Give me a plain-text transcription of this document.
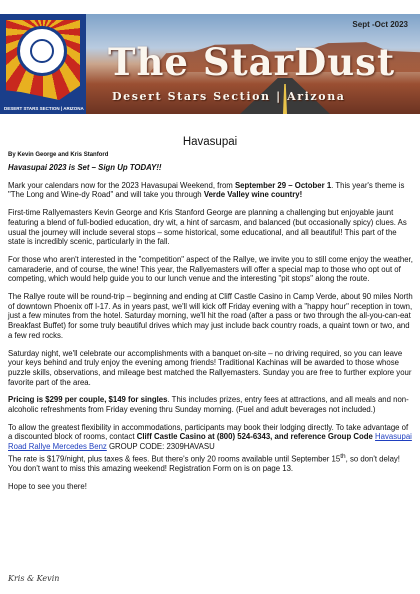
DESERT STARS SECTION | ARIZONA
Sept -Oct 2023
The StarDust
Desert Stars Section | Arizona
Havasupai
By Kevin George and Kris Stanford

Havasupai 2023 is Set – Sign Up TODAY!!

Mark your calendars now for the 2023 Havasupai Weekend, from September 29 – October 1. This year's theme is "The Long and Wine-dy Road" and will take you through Verde Valley wine country!

First-time Rallyemasters Kevin George and Kris Stanford George are planning a challenging but enjoyable jaunt featuring a blend of full-bodied education, dry wit, a hint of sarcasm, and balanced (but occasionally spicy) clues. As usual the journey will include several stops – some historical, some educational, and all beautiful! This part of the state is incredibly scenic, particularly in the fall.

For those who aren't interested in the "competition" aspect of the Rallye, we invite you to still come enjoy the weather, camaraderie, and of course, the wine! This year, the Rallyemasters will offer a special map to those who opt out of competing, which would help guide you to our lunch venue and the interesting "pit stops" along the route.

The Rallye route will be round-trip – beginning and ending at Cliff Castle Casino in Camp Verde, about 90 miles North of downtown Phoenix off I-17. As in years past, we'll will kick off Friday evening with a "happy hour" reception in town, just a few minutes from the hotel. Saturday morning, we'll hit the road (after a pass or two through the all-you-can-eat Breakfast Buffet) for some truly beautiful drives which may just include back country roads, a quaint town or two, and a few red rocks.

Saturday night, we'll celebrate our accomplishments with a banquet on-site – no driving required, so you can leave your keys behind and truly enjoy the evening among friends! Traditional Kachinas will be awarded to those whose puzzle skills, observations, and mileage best matched the Rallyemasters. Sunday you are free to further explore your favorite part of the area.

Pricing is $299 per couple, $149 for singles. This includes prizes, entry fees at attractions, and all meals and non-alcoholic refreshments from Friday evening thru Sunday morning. (Fuel and adult beverages not included.)

To allow the greatest flexibility in accommodations, participants may book their lodging directly. To take advantage of a discounted block of rooms, contact Cliff Castle Casino at (800) 524-6343, and reference Group Code Havasupai Road Rallye Mercedes Benz GROUP CODE: 2309HAVASU
The rate is $179/night, plus taxes & fees. But there's only 20 rooms available until September 15th, so don't delay!
You don't want to miss this amazing weekend! Registration Form on is on page 13.

Hope to see you there!

Kris & Kevin
